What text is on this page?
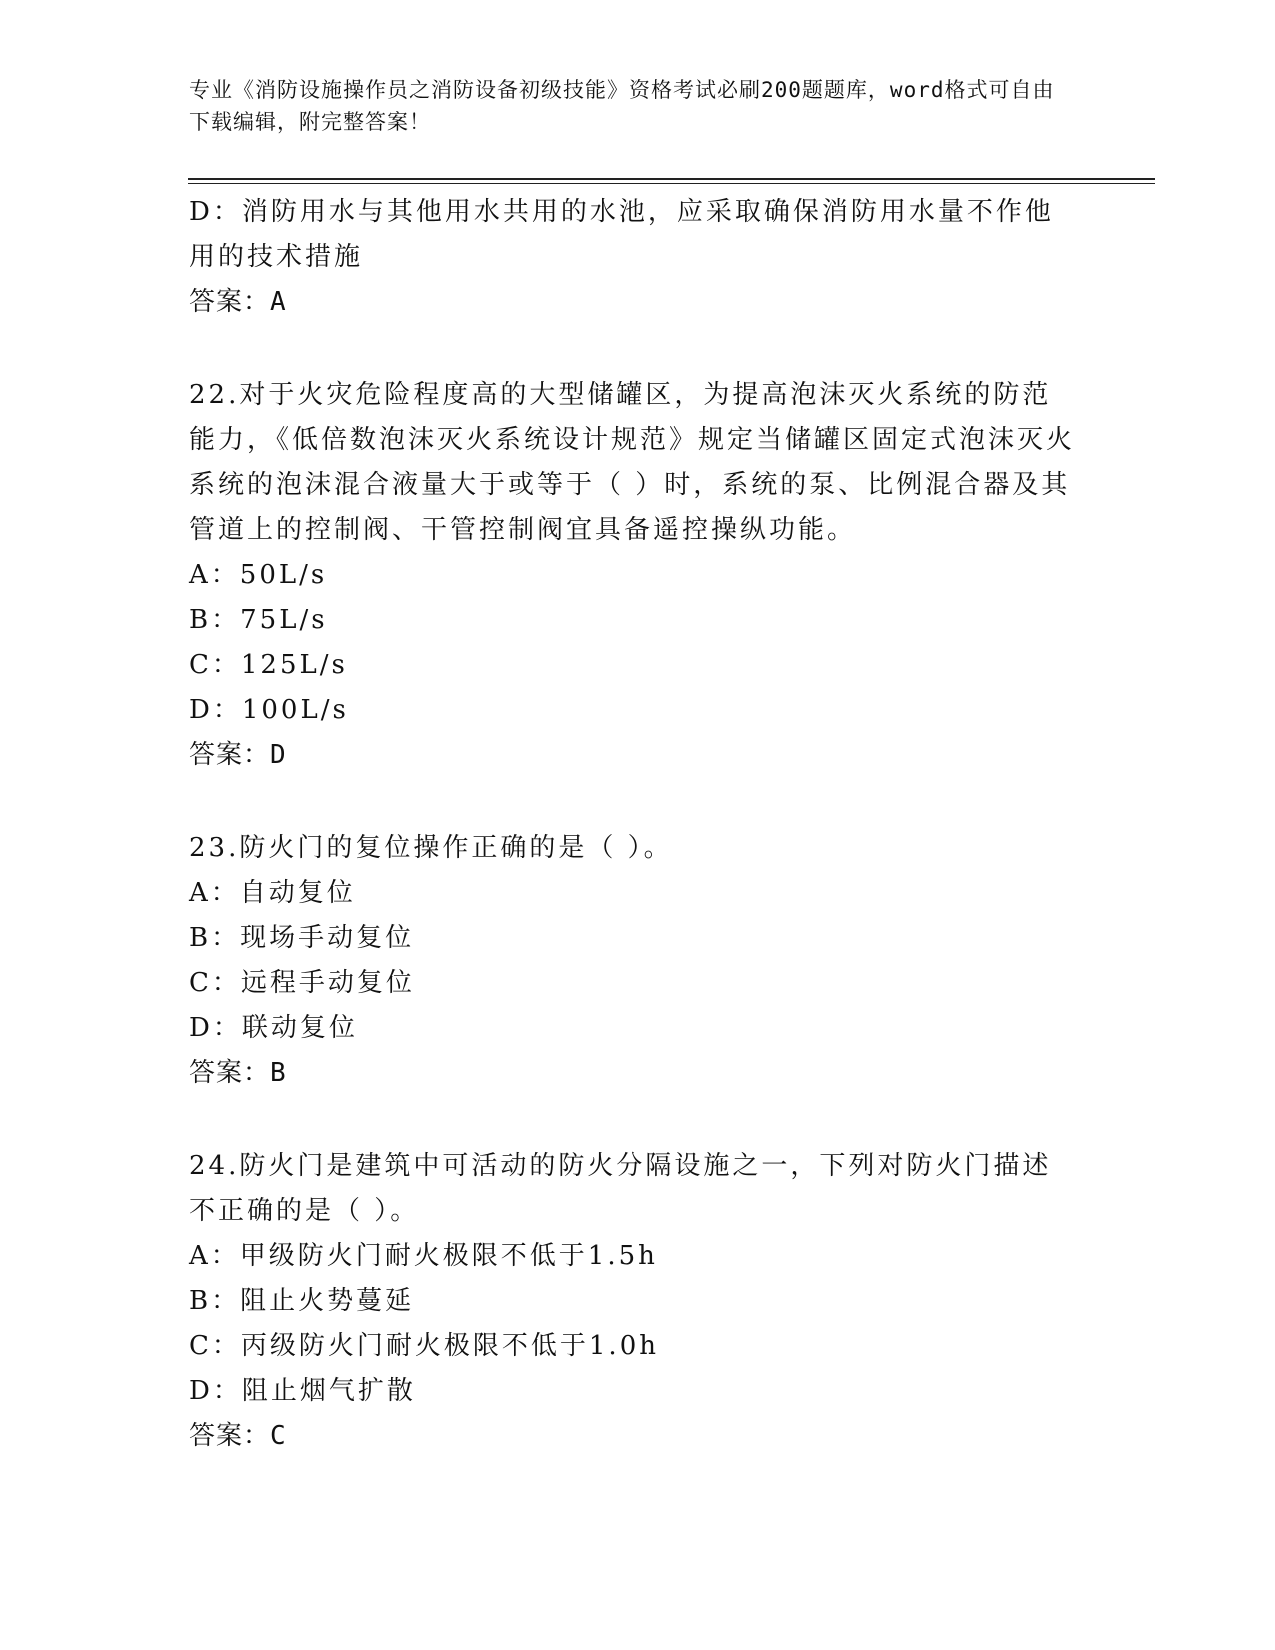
专业《消防设施操作员之消防设备初级技能》资格考试必刷200题题库，word格式可自由下载编辑，附完整答案！

D：消防用水与其他用水共用的水池，应采取确保消防用水量不作他用的技术措施

答案：A

22.对于火灾危险程度高的大型储罐区，为提高泡沫灭火系统的防范能力，《低倍数泡沫灭火系统设计规范》规定当储罐区固定式泡沫灭火系统的泡沫混合液量大于或等于（ ）时，系统的泵、比例混合器及其管道上的控制阀、干管控制阀宜具备遥控操纵功能。

A：50L/s

B：75L/s

C：125L/s

D：100L/s

答案：D

23.防火门的复位操作正确的是（ ）。

A：自动复位

B：现场手动复位

C：远程手动复位

D：联动复位

答案：B

24.防火门是建筑中可活动的防火分隔设施之一，下列对防火门描述不正确的是（ ）。

A：甲级防火门耐火极限不低于1.5h

B：阻止火势蔓延

C：丙级防火门耐火极限不低于1.0h

D：阻止烟气扩散

答案：C
